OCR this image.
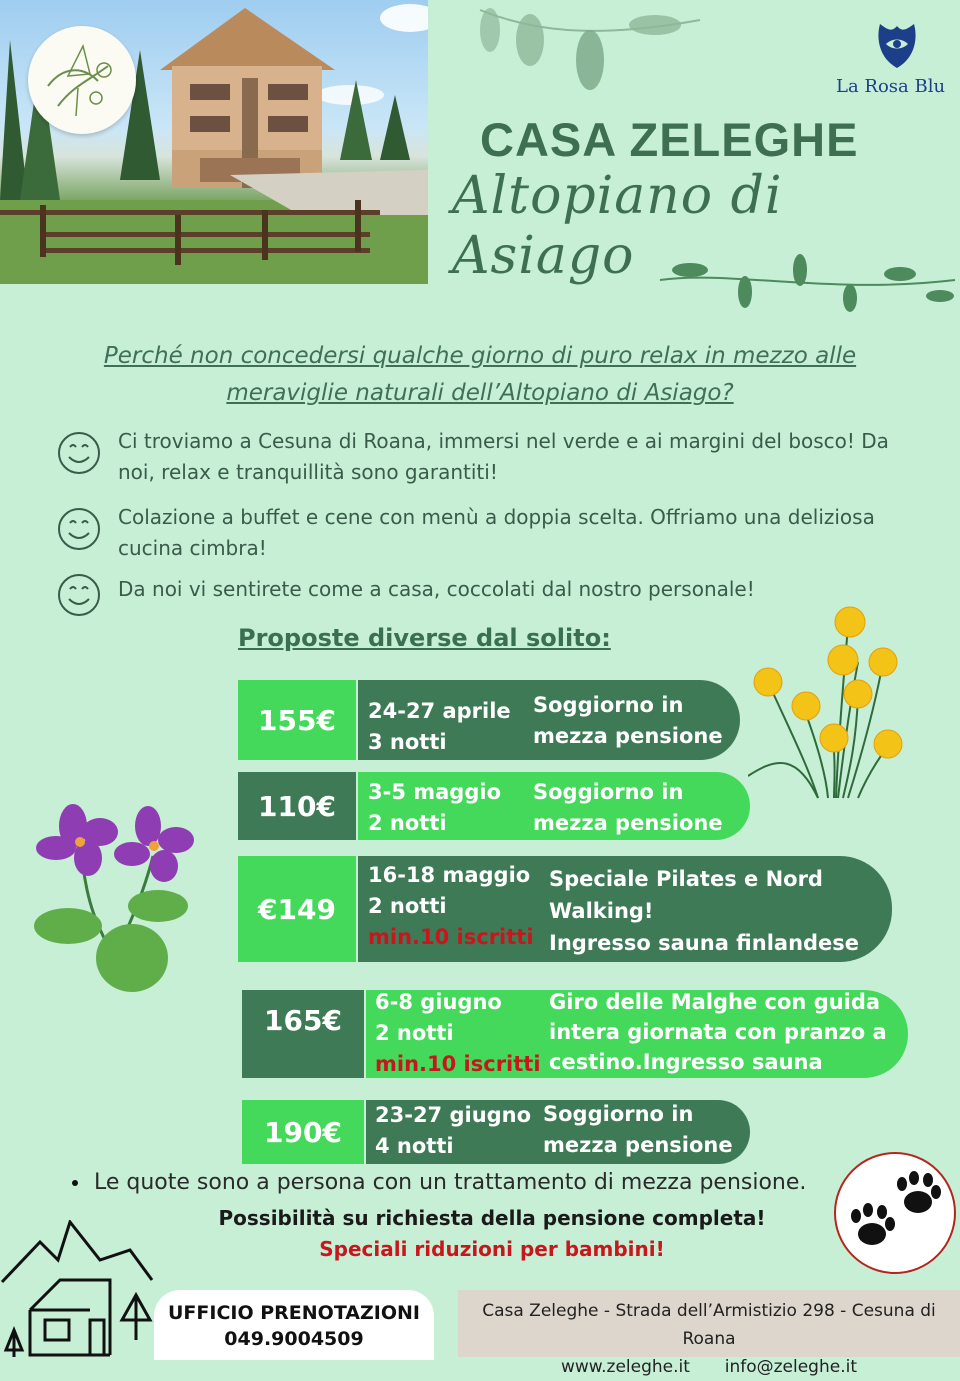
La Rosa Blu
CASA ZELEGHE
Altopiano di Asiago
Perché non concedersi qualche giorno di puro relax in mezzo alle
meraviglie naturali dell’Altopiano di Asiago?
Ci troviamo a Cesuna di Roana, immersi nel verde e ai margini del bosco! Da
noi, relax e tranquillità sono garantiti!
Colazione a buffet e cene con menù a doppia scelta. Offriamo una deliziosa
cucina cimbra!
Da noi vi sentirete come a casa, coccolati dal nostro personale!
Proposte diverse dal solito:
155€	24-27 aprile
3 notti
Soggiorno in
mezza pensione
110€	3-5 maggio
2 notti
Soggiorno in
mezza pensione
€149
16-18 maggio
2 notti
min.10 iscritti
Speciale Pilates e Nord
Walking!
Ingresso sauna finlandese
165€
6-8 giugno
2 notti
min.10 iscritti
Giro delle Malghe con guida
intera giornata con pranzo a
cestino.Ingresso sauna
190€
23-27 giugno
4 notti
Soggiorno in
mezza pensione
Le quote sono a persona con un trattamento di mezza pensione.
Possibilità su richiesta della pensione completa!
Speciali riduzioni per bambini!
UFFICIO PRENOTAZIONI
049.9004509
Casa Zeleghe - Strada dell’Armistizio 298 - Cesuna di Roana
www.zeleghe.it info@zeleghe.it
